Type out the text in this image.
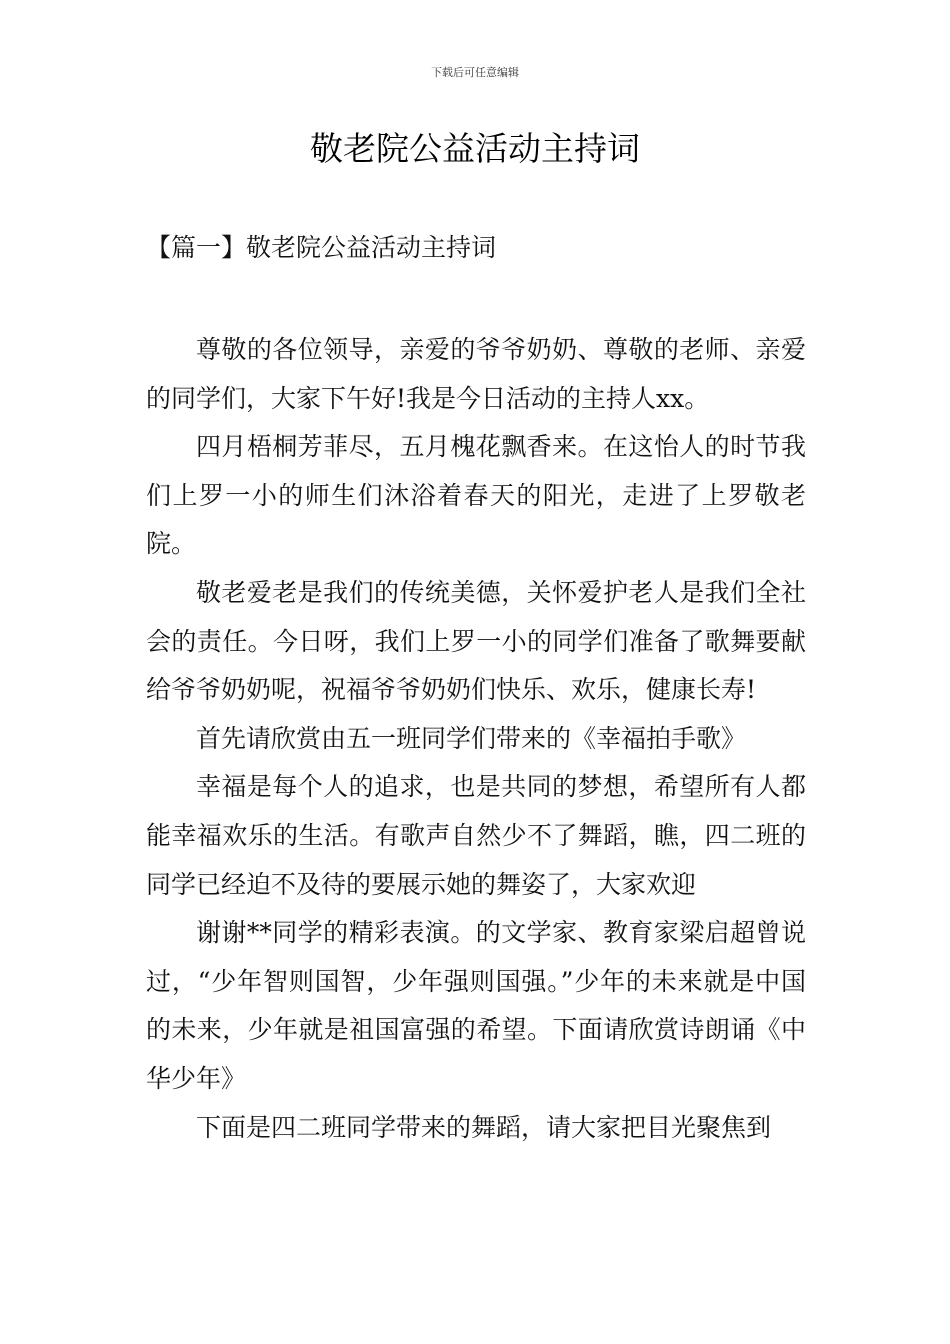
下载后可任意编辑
敬老院公益活动主持词
【篇一】敬老院公益活动主持词

尊敬的各位领导，亲爱的爷爷奶奶、尊敬的老师、亲爱的同学们，大家下午好!我是今日活动的主持人xx。

四月梧桐芳菲尽，五月槐花飘香来。在这怡人的时节我们上罗一小的师生们沐浴着春天的阳光，走进了上罗敬老院。

敬老爱老是我们的传统美德，关怀爱护老人是我们全社会的责任。今日呀，我们上罗一小的同学们准备了歌舞要献给爷爷奶奶呢，祝福爷爷奶奶们快乐、欢乐，健康长寿!

首先请欣赏由五一班同学们带来的《幸福拍手歌》

幸福是每个人的追求，也是共同的梦想，希望所有人都能幸福欢乐的生活。有歌声自然少不了舞蹈，瞧，四二班的同学已经迫不及待的要展示她的舞姿了，大家欢迎

谢谢**同学的精彩表演。的文学家、教育家梁启超曾说过，“少年智则国智，少年强则国强。”少年的未来就是中国的未来，少年就是祖国富强的希望。下面请欣赏诗朗诵《中华少年》

下面是四二班同学带来的舞蹈，请大家把目光聚焦到
